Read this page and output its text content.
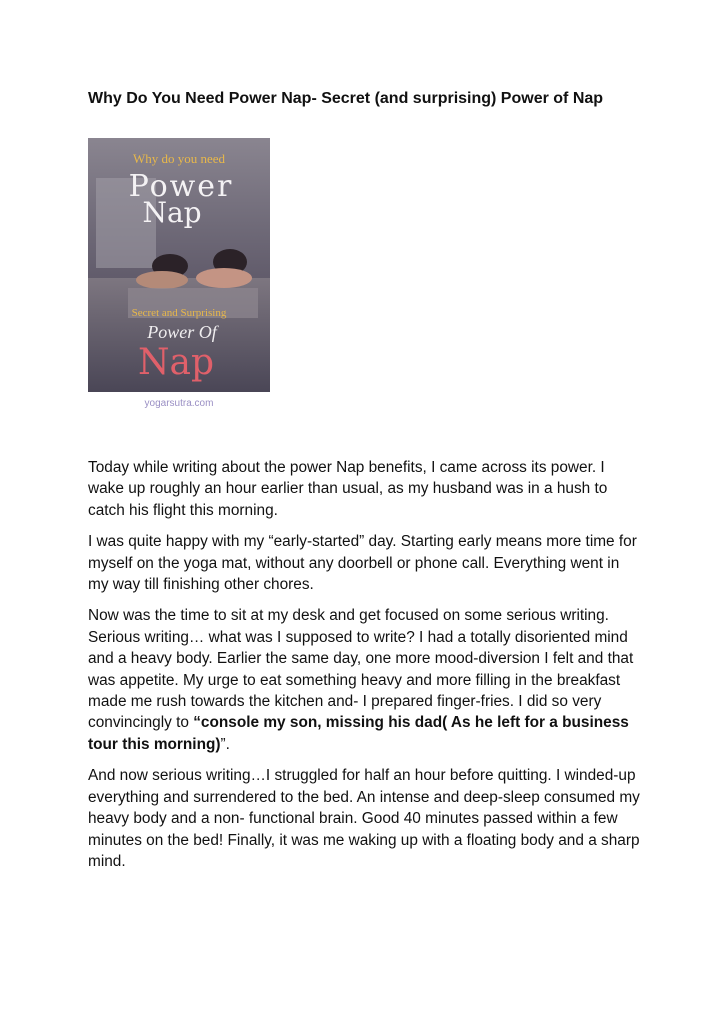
Why Do You Need Power Nap- Secret (and surprising) Power of Nap
Why do you need
Power
Nap
Secret and Surprising
Power Of
Nap
yogarsutra.com

Today while writing about the power Nap benefits, I came across its power. I wake up roughly an hour earlier than usual, as my husband was in a hush to catch his flight this morning.

I was quite happy with my “early-started” day. Starting early means more time for myself on the yoga mat, without any doorbell or phone call. Everything went in my way till finishing other chores.

Now was the time to sit at my desk and get focused on some serious writing. Serious writing… what was I supposed to write? I had a totally disoriented mind and a heavy body. Earlier the same day, one more mood-diversion I felt and that was appetite. My urge to eat something heavy and more filling in the breakfast made me rush towards the kitchen and- I prepared finger-fries. I did so very convincingly to “console my son, missing his dad( As he left for a business tour this morning)”.

And now serious writing…I struggled for half an hour before quitting. I winded-up everything and surrendered to the bed. An intense and deep-sleep consumed my heavy body and a non- functional brain. Good 40 minutes passed within a few minutes on the bed! Finally, it was me waking up with a floating body and a sharp mind.
